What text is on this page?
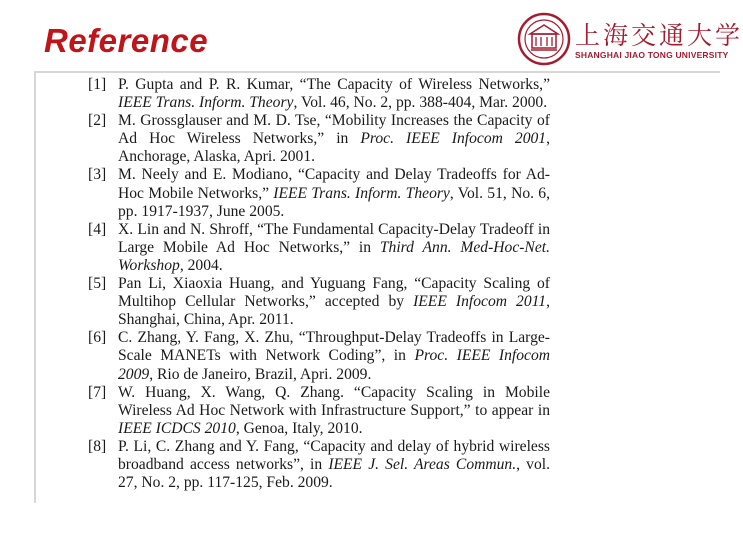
Reference	上海交通大学
SHANGHAI JIAO TONG UNIVERSITY
[1] P. Gupta and P. R. Kumar, “The Capacity of Wireless Networks,” IEEE Trans. Inform. Theory, Vol. 46, No. 2, pp. 388-404, Mar. 2000.
[2] M. Grossglauser and M. D. Tse, “Mobility Increases the Capacity of Ad Hoc Wireless Networks,” in Proc. IEEE Infocom 2001, Anchorage, Alaska, Apri. 2001.
[3] M. Neely and E. Modiano, “Capacity and Delay Tradeoffs for Ad-Hoc Mobile Networks,” IEEE Trans. Inform. Theory, Vol. 51, No. 6, pp. 1917-1937, June 2005.
[4] X. Lin and N. Shroff, “The Fundamental Capacity-Delay Tradeoff in Large Mobile Ad Hoc Networks,” in Third Ann. Med-Hoc-Net. Workshop, 2004.
[5] Pan Li, Xiaoxia Huang, and Yuguang Fang, “Capacity Scaling of Multihop Cellular Networks,” accepted by IEEE Infocom 2011, Shanghai, China, Apr. 2011.
[6] C. Zhang, Y. Fang, X. Zhu, “Throughput-Delay Tradeoffs in Large-Scale MANETs with Network Coding”, in Proc. IEEE Infocom 2009, Rio de Janeiro, Brazil, Apri. 2009.
[7] W. Huang, X. Wang, Q. Zhang. “Capacity Scaling in Mobile Wireless Ad Hoc Network with Infrastructure Support,” to appear in IEEE ICDCS 2010, Genoa, Italy, 2010.
[8] P. Li, C. Zhang and Y. Fang, “Capacity and delay of hybrid wireless broadband access networks”, in IEEE J. Sel. Areas Commun., vol. 27, No. 2, pp. 117-125, Feb. 2009.
